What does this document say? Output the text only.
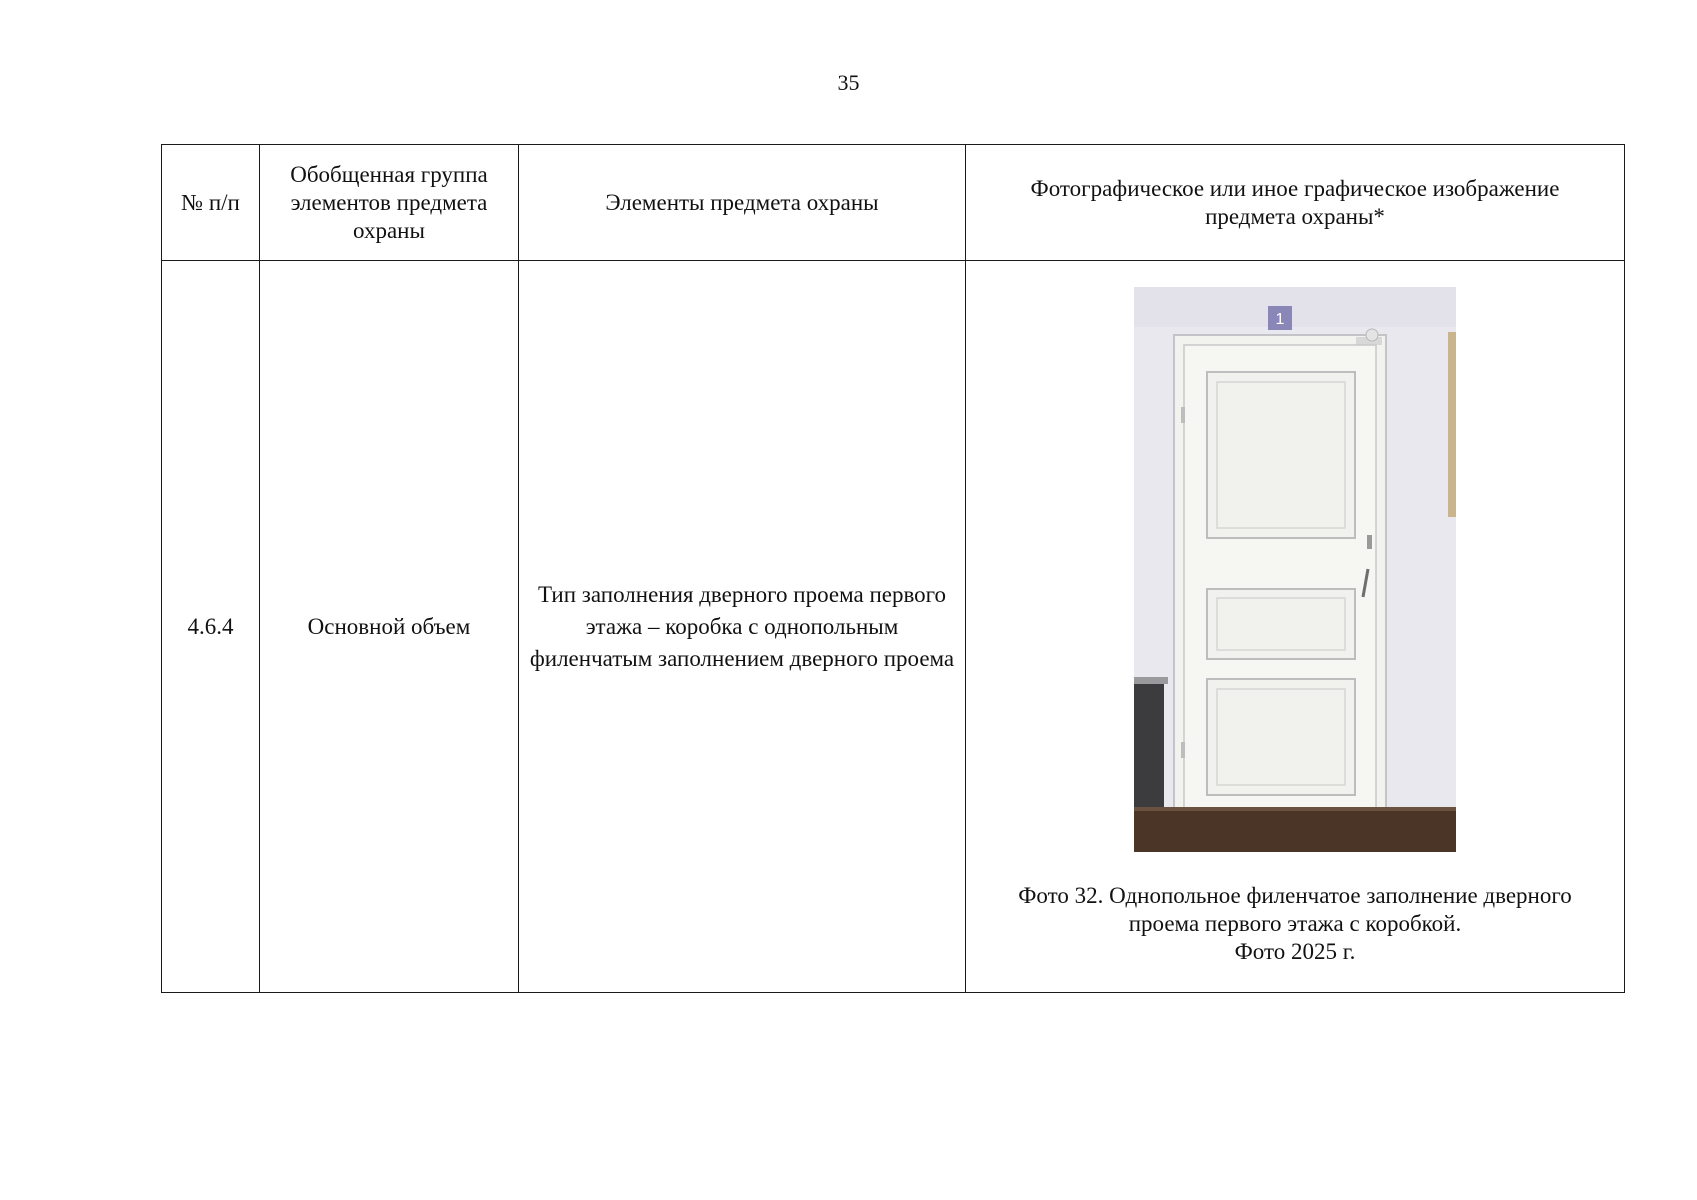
35
№ п/п	Обобщенная группа элементов предмета охраны	Элементы предмета охраны	Фотографическое или иное графическое изображение предмета охраны*

4.6.4	Основной объем	Тип заполнения дверного проема первого этажа – коробка с однопольным филенчатым заполнением дверного проема	1
Фото 32. Однопольное филенчатое заполнение дверного
проема первого этажа с коробкой.
Фото 2025 г.
